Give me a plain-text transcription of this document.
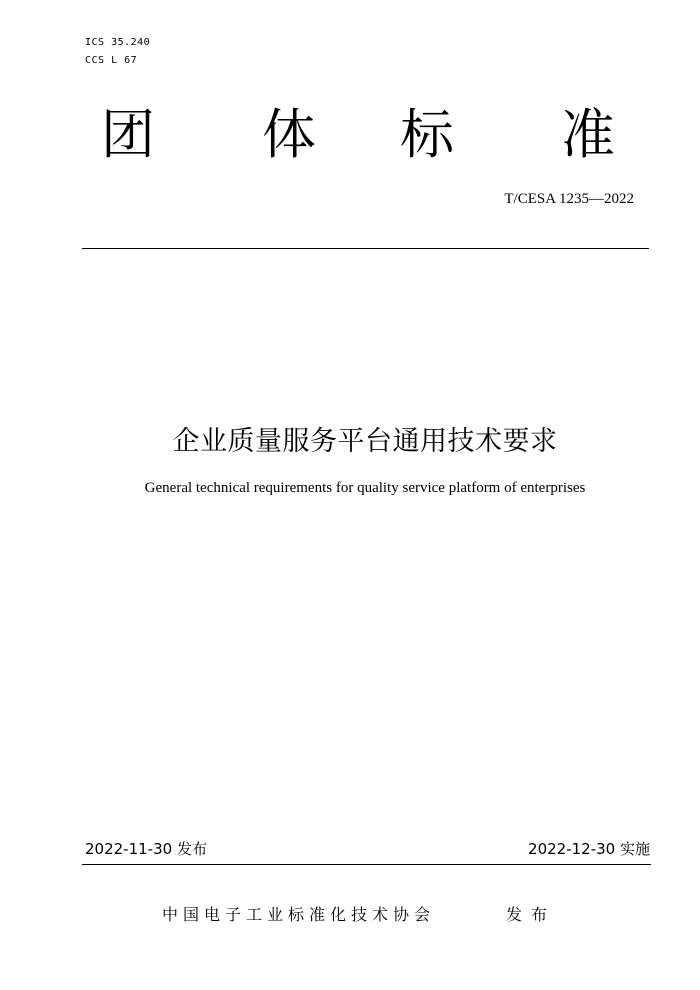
ICS 35.240
CCS L 67
团 体 标 准
T/CESA 1235—2022
企业质量服务平台通用技术要求
General technical requirements for quality service platform of enterprises
2022-11-30 发布	2022-12-30 实施
中国电子工业标准化技术协会	发布
